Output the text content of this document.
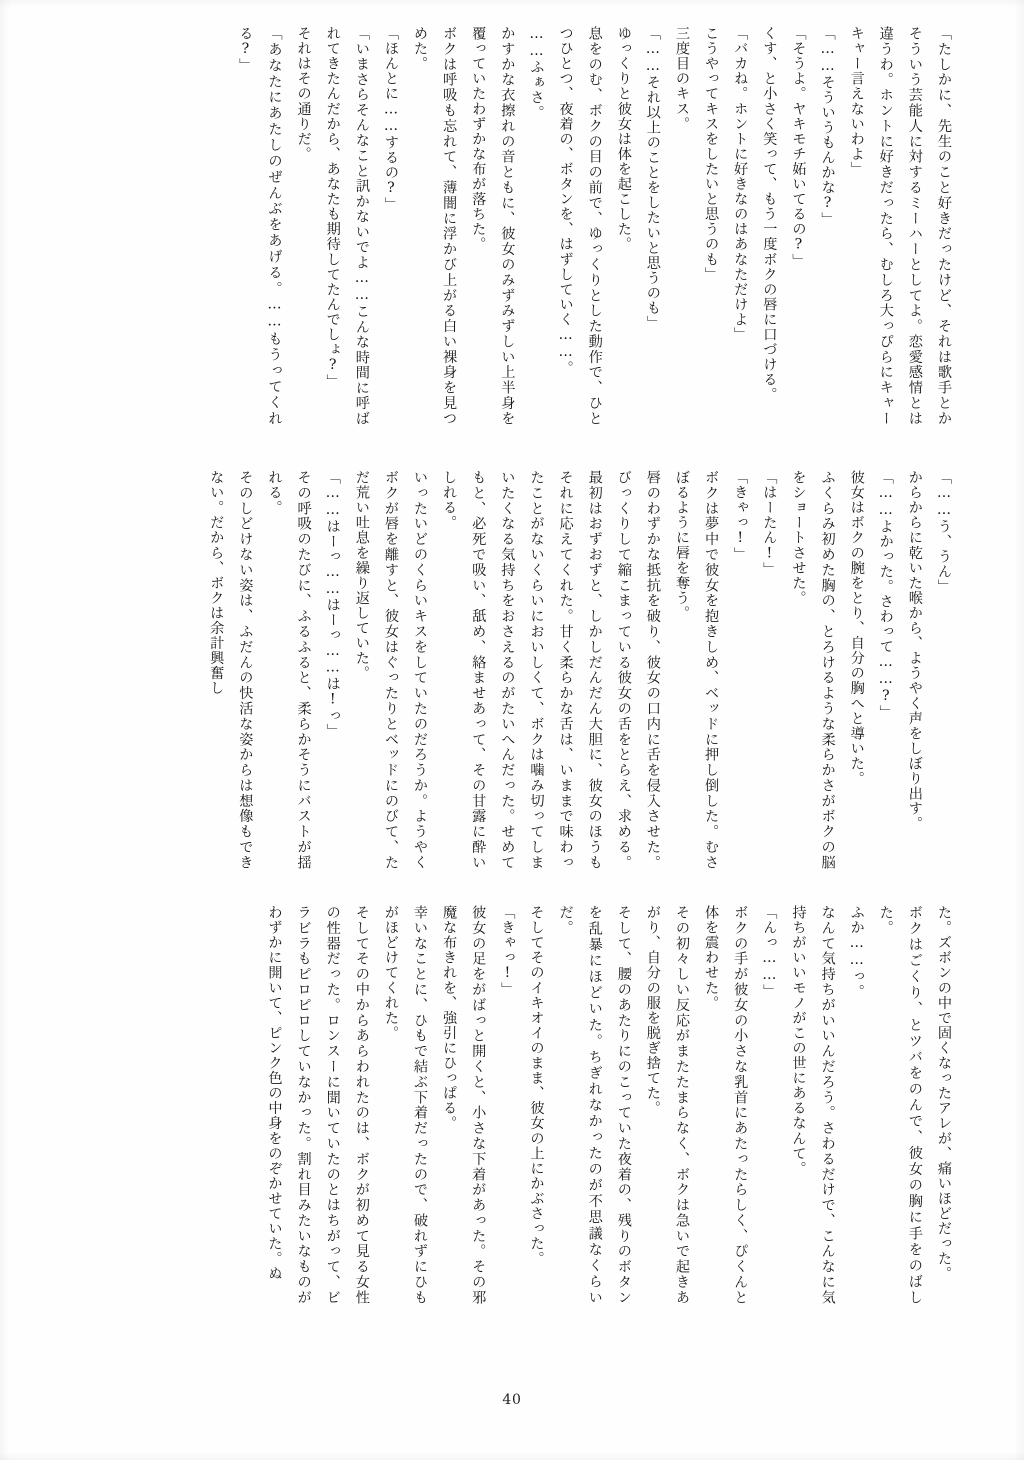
「たしかに、先生のこと好きだったけど、それは歌手とかそういう芸能人に対するミーハーとしてよ。恋愛感情とは違うわ。ホントに好きだったら、むしろ大っぴらにキャーキャー言えないわよ」
「……そういうもんかな?」
「そうよ。ヤキモチ妬いてるの?」
くす、と小さく笑って、もう一度ボクの唇に口づける。
「バカね。ホントに好きなのはあなただけよ」
こうやってキスをしたいと思うのも」
三度目のキス。
「……それ以上のことをしたいと思うのも」
ゆっくりと彼女は体を起こした。
息をのむ、ボクの目の前で、ゆっくりとした動作で、ひとつひとつ、夜着の、ボタンを、はずしていく……。
……ふぁさ。
かすかな衣擦れの音ともに、彼女のみずみずしい上半身を覆っていたわずかな布が落ちた。
ボクは呼吸も忘れて、薄闇に浮かび上がる白い裸身を見つめた。
「ほんとに……するの?」
「いまさらそんなこと訊かないでよ……こんな時間に呼ばれてきたんだから、あなたも期待してたんでしょ?」
それはその通りだ。
「あなたにあたしのぜんぶをあげる。……もうってくれる?」
「……う、うん」
からからに乾いた喉から、ようやく声をしぼり出す。
「……よかった。さわって……?」
彼女はボクの腕をとり、自分の胸へと導いた。
ふくらみ初めた胸の、とろけるような柔らかさがボクの脳をショートさせた。
「はーたん!」
「きゃっ!」
ボクは夢中で彼女を抱きしめ、ベッドに押し倒した。むさぼるように唇を奪う。
唇のわずかな抵抗を破り、彼女の口内に舌を侵入させた。びっくりして縮こまっている彼女の舌をとらえ、求める。最初はおずおずと、しかしだんだん大胆に、彼女のほうもそれに応えてくれた。甘く柔らかな舌は、いままで味わったことがないくらいにおいしくて、ボクは噛み切ってしまいたくなる気持ちをおさえるのがたいへんだった。せめてもと、必死で吸い、舐め、絡ませあって、その甘露に酔いしれる。
いったいどのくらいキスをしていたのだろうか。ようやくボクが唇を離すと、彼女はぐったりとベッドにのびて、ただ荒い吐息を繰り返していた。
「……はーっ……はーっ……は!っ」
その呼吸のたびに、ふるふると、柔らかそうにバストが揺れる。
そのしどけない姿は、ふだんの快活な姿からは想像もできない。だから、ボクは余計興奮し
た。ズボンの中で固くなったアレが、痛いほどだった。
ボクはごくり、とツバをのんで、彼女の胸に手をのばした。
ふか……っ。
なんて気持ちがいいんだろう。さわるだけで、こんなに気持ちがいいモノがこの世にあるなんて。
「んっ……」
ボクの手が彼女の小さな乳首にあたったらしく、ぴくんと体を震わせた。
その初々しい反応がまたたまらなく、ボクは急いで起きあがり、自分の服を脱ぎ捨てた。
そして、腰のあたりにのこっていた夜着の、残りのボタンを乱暴にほどいた。ちぎれなかったのが不思議なくらいだ。
そしてそのイキオイのまま、彼女の上にかぶさった。
「きゃっ!」
彼女の足をがばっと開くと、小さな下着があった。その邪魔な布きれを、強引にひっぱる。
幸いなことに、ひもで結ぶ下着だったので、破れずにひもがほどけてくれた。
そしてその中からあらわれたのは、ボクが初めて見る女性の性器だった。ロンスーに聞いていたのとはちがって、ビラビラもピロピロしていなかった。割れ目みたいなものがわずかに開いて、ピンク色の中身をのぞかせていた。ぬ
40
